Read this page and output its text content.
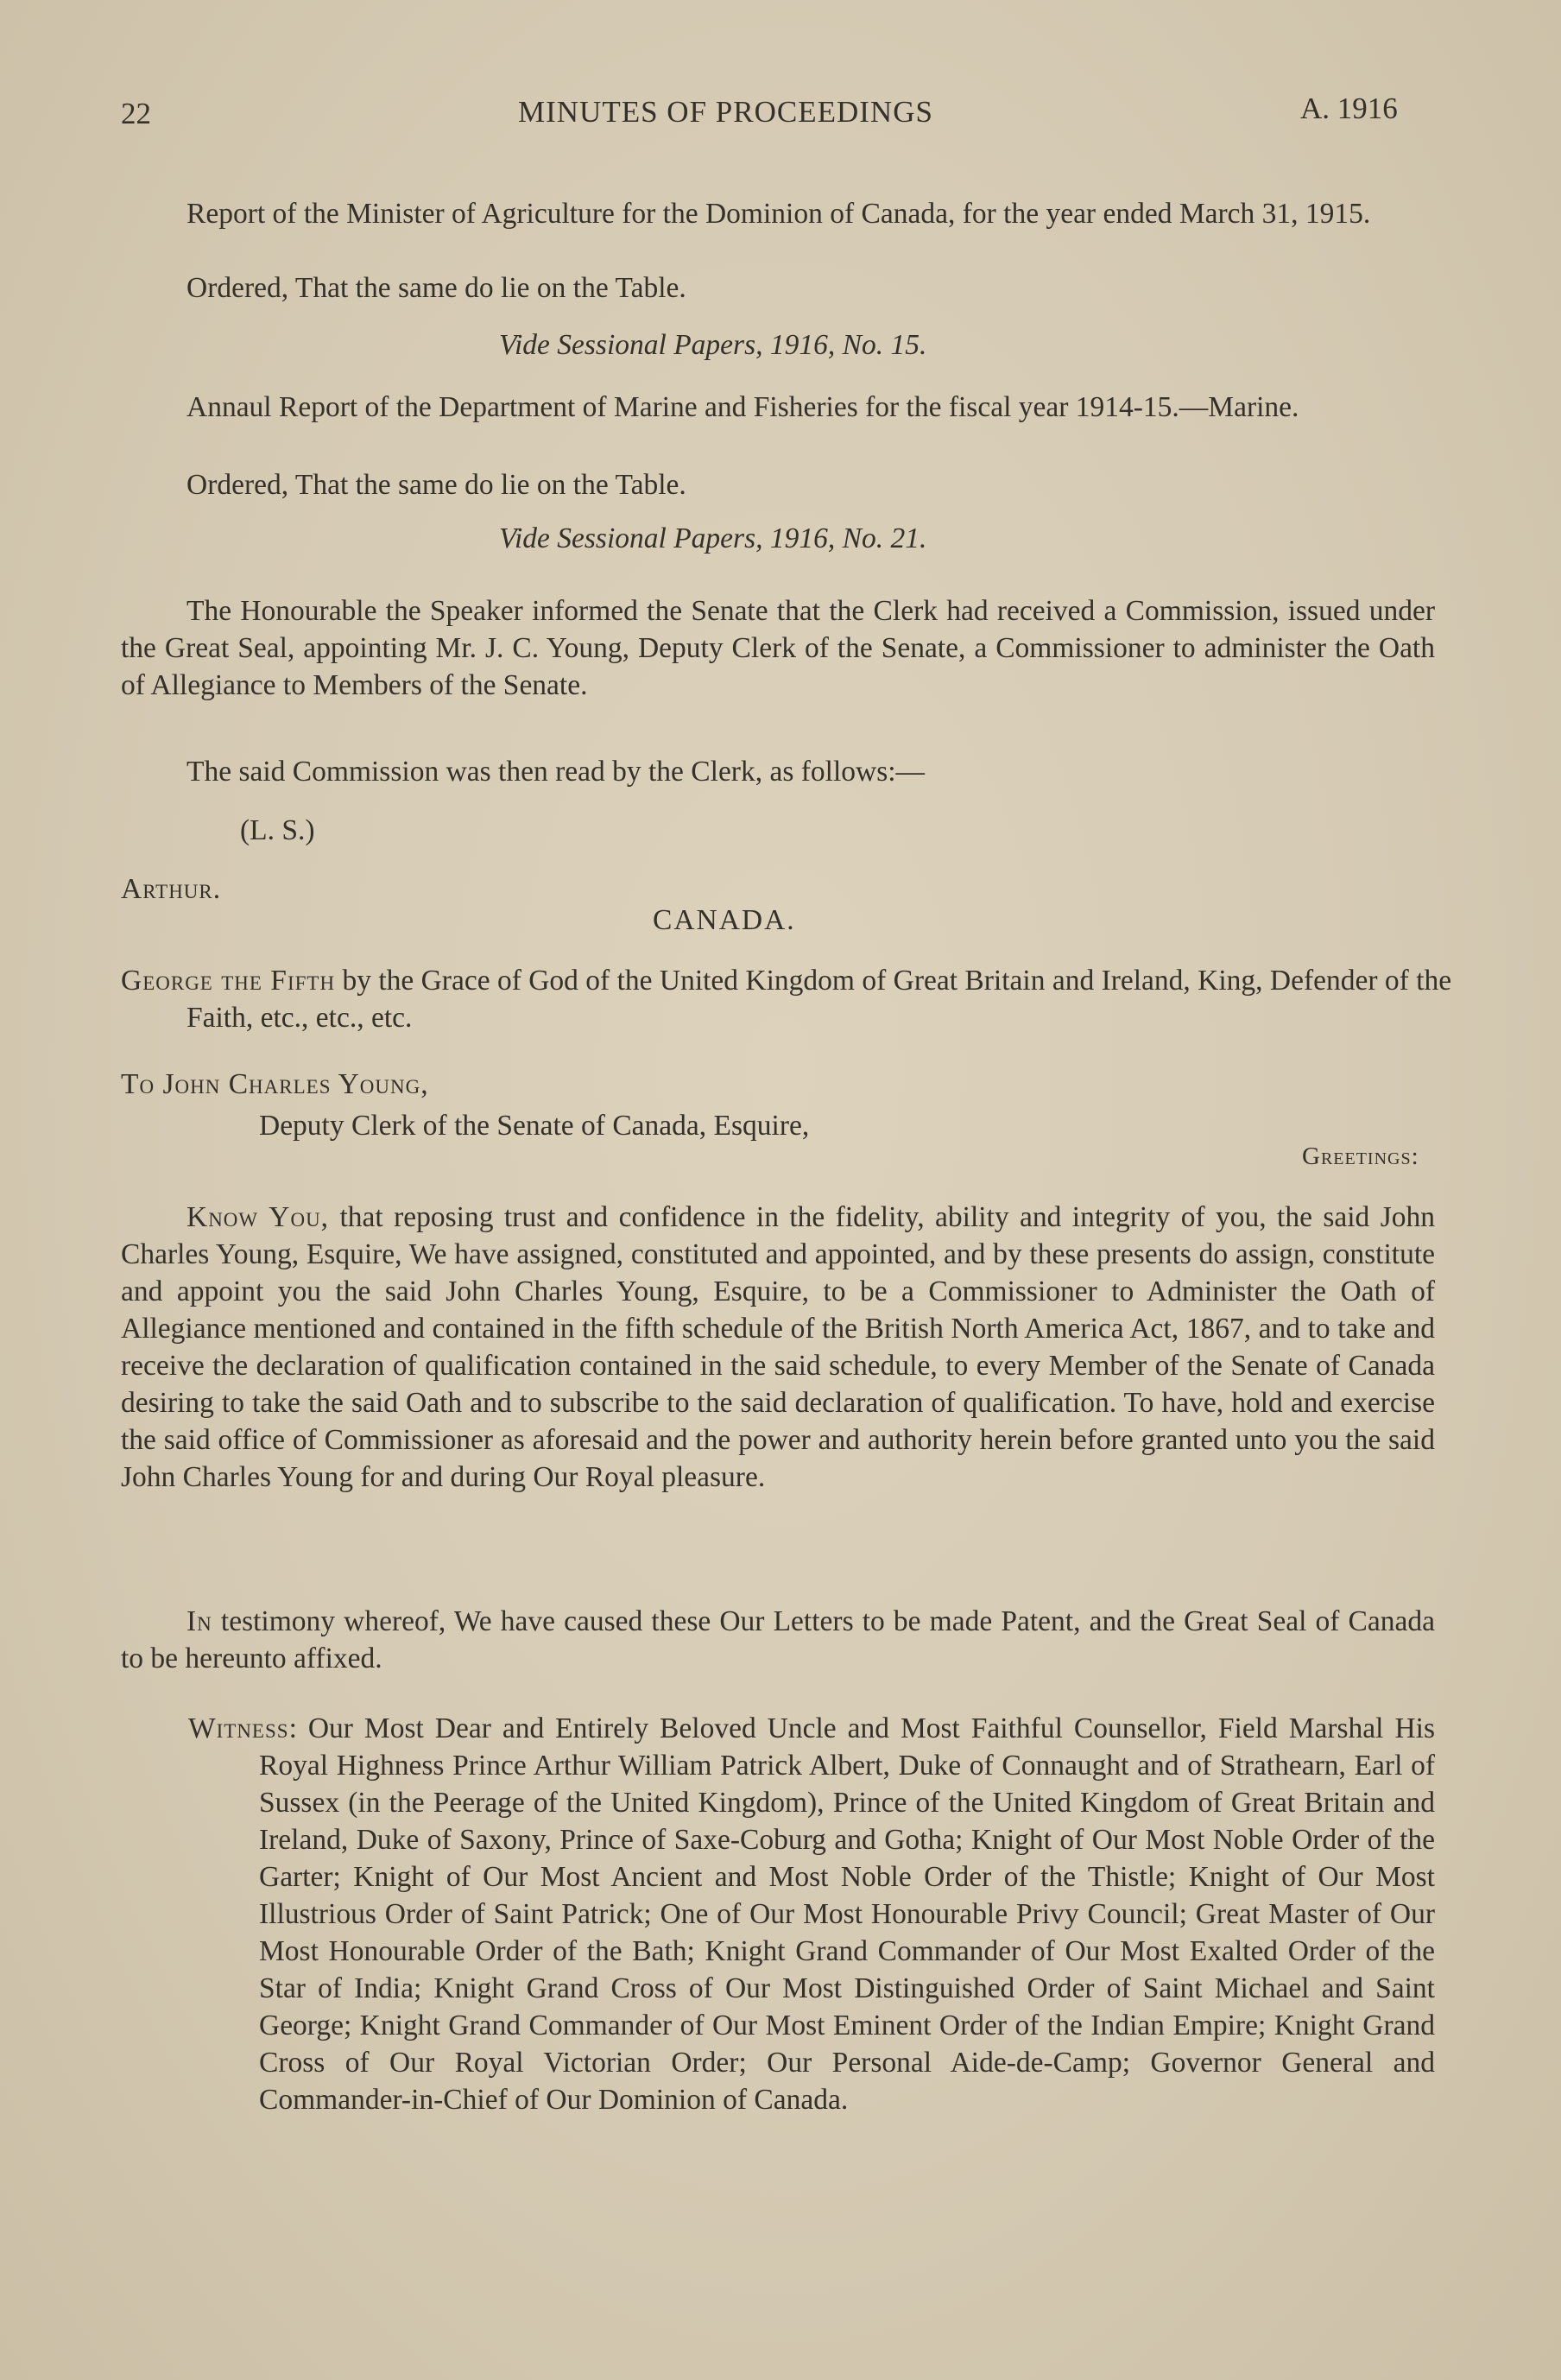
22	MINUTES OF PROCEEDINGS	A. 1916
Report of the Minister of Agriculture for the Dominion of Canada, for the year ended March 31, 1915.
Ordered, That the same do lie on the Table.
Vide Sessional Papers, 1916, No. 15.
Annaul Report of the Department of Marine and Fisheries for the fiscal year 1914-15.—Marine.
Ordered, That the same do lie on the Table.
Vide Sessional Papers, 1916, No. 21.
The Honourable the Speaker informed the Senate that the Clerk had received a Commission, issued under the Great Seal, appointing Mr. J. C. Young, Deputy Clerk of the Senate, a Commissioner to administer the Oath of Allegiance to Members of the Senate.
The said Commission was then read by the Clerk, as follows:—
(L. S.)
Arthur.
CANADA.
George the Fifth by the Grace of God of the United Kingdom of Great Britain and Ireland, King, Defender of the Faith, etc., etc., etc.
To John Charles Young,
Deputy Clerk of the Senate of Canada, Esquire,
Greetings:
Know You, that reposing trust and confidence in the fidelity, ability and integrity of you, the said John Charles Young, Esquire, We have assigned, constituted and appointed, and by these presents do assign, constitute and appoint you the said John Charles Young, Esquire, to be a Commissioner to Administer the Oath of Allegiance mentioned and contained in the fifth schedule of the British North America Act, 1867, and to take and receive the declaration of qualification contained in the said schedule, to every Member of the Senate of Canada desiring to take the said Oath and to subscribe to the said declaration of qualification. To have, hold and exercise the said office of Commissioner as aforesaid and the power and authority herein before granted unto you the said John Charles Young for and during Our Royal pleasure.
In testimony whereof, We have caused these Our Letters to be made Patent, and the Great Seal of Canada to be hereunto affixed.
Witness: Our Most Dear and Entirely Beloved Uncle and Most Faithful Counsellor, Field Marshal His Royal Highness Prince Arthur William Patrick Albert, Duke of Connaught and of Strathearn, Earl of Sussex (in the Peerage of the United Kingdom), Prince of the United Kingdom of Great Britain and Ireland, Duke of Saxony, Prince of Saxe-Coburg and Gotha; Knight of Our Most Noble Order of the Garter; Knight of Our Most Ancient and Most Noble Order of the Thistle; Knight of Our Most Illustrious Order of Saint Patrick; One of Our Most Honourable Privy Council; Great Master of Our Most Honourable Order of the Bath; Knight Grand Commander of Our Most Exalted Order of the Star of India; Knight Grand Cross of Our Most Distinguished Order of Saint Michael and Saint George; Knight Grand Commander of Our Most Eminent Order of the Indian Empire; Knight Grand Cross of Our Royal Victorian Order; Our Personal Aide-de-Camp; Governor General and Commander-in-Chief of Our Dominion of Canada.
